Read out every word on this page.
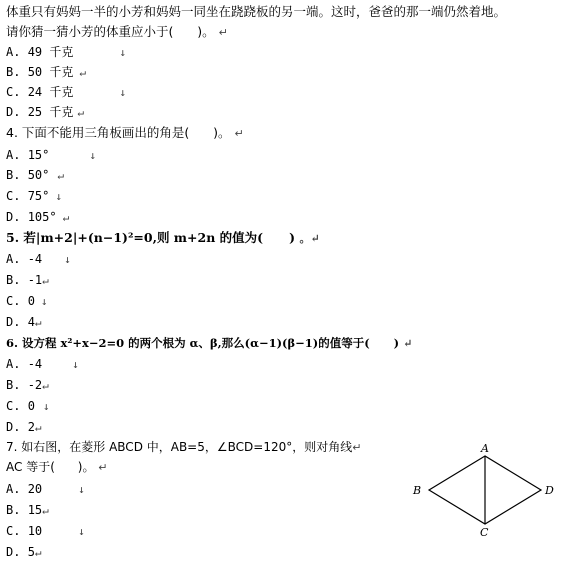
体重只有妈妈一半的小芳和妈妈一同坐在跷跷板的另一端。这时，爸爸的那一端仍然着地。
请你猜一猜小芳的体重应小于(      )。 ↵
A. 49 千克	↓
B. 50 千克 ↵
C. 24 千克	↓
D. 25 千克 ↵
4. 下面不能用三角板画出的角是(      )。 ↵
A. 15°	↓
B. 50° ↵
C. 75° ↓
D. 105° ↵
5. 若|m+2|+(n−1)²=0,则 m+2n 的值为(      ) 。↵
A. -4 ↓
B. -1↵
C. 0 ↓
D. 4↵
6. 设方程 x²+x−2=0 的两个根为 α、β,那么(α−1)(β−1)的值等于(      ) ↵
A. -4	↓
B. -2↵
C. 0 ↓
D. 2↵
7. 如右图，在菱形 ABCD 中，AB=5，∠BCD=120°，则对角线↵
AC 等于(      )。 ↵
A. 20	↓
B. 15↵
C. 10	↓
D. 5↵
A
B
C
D
